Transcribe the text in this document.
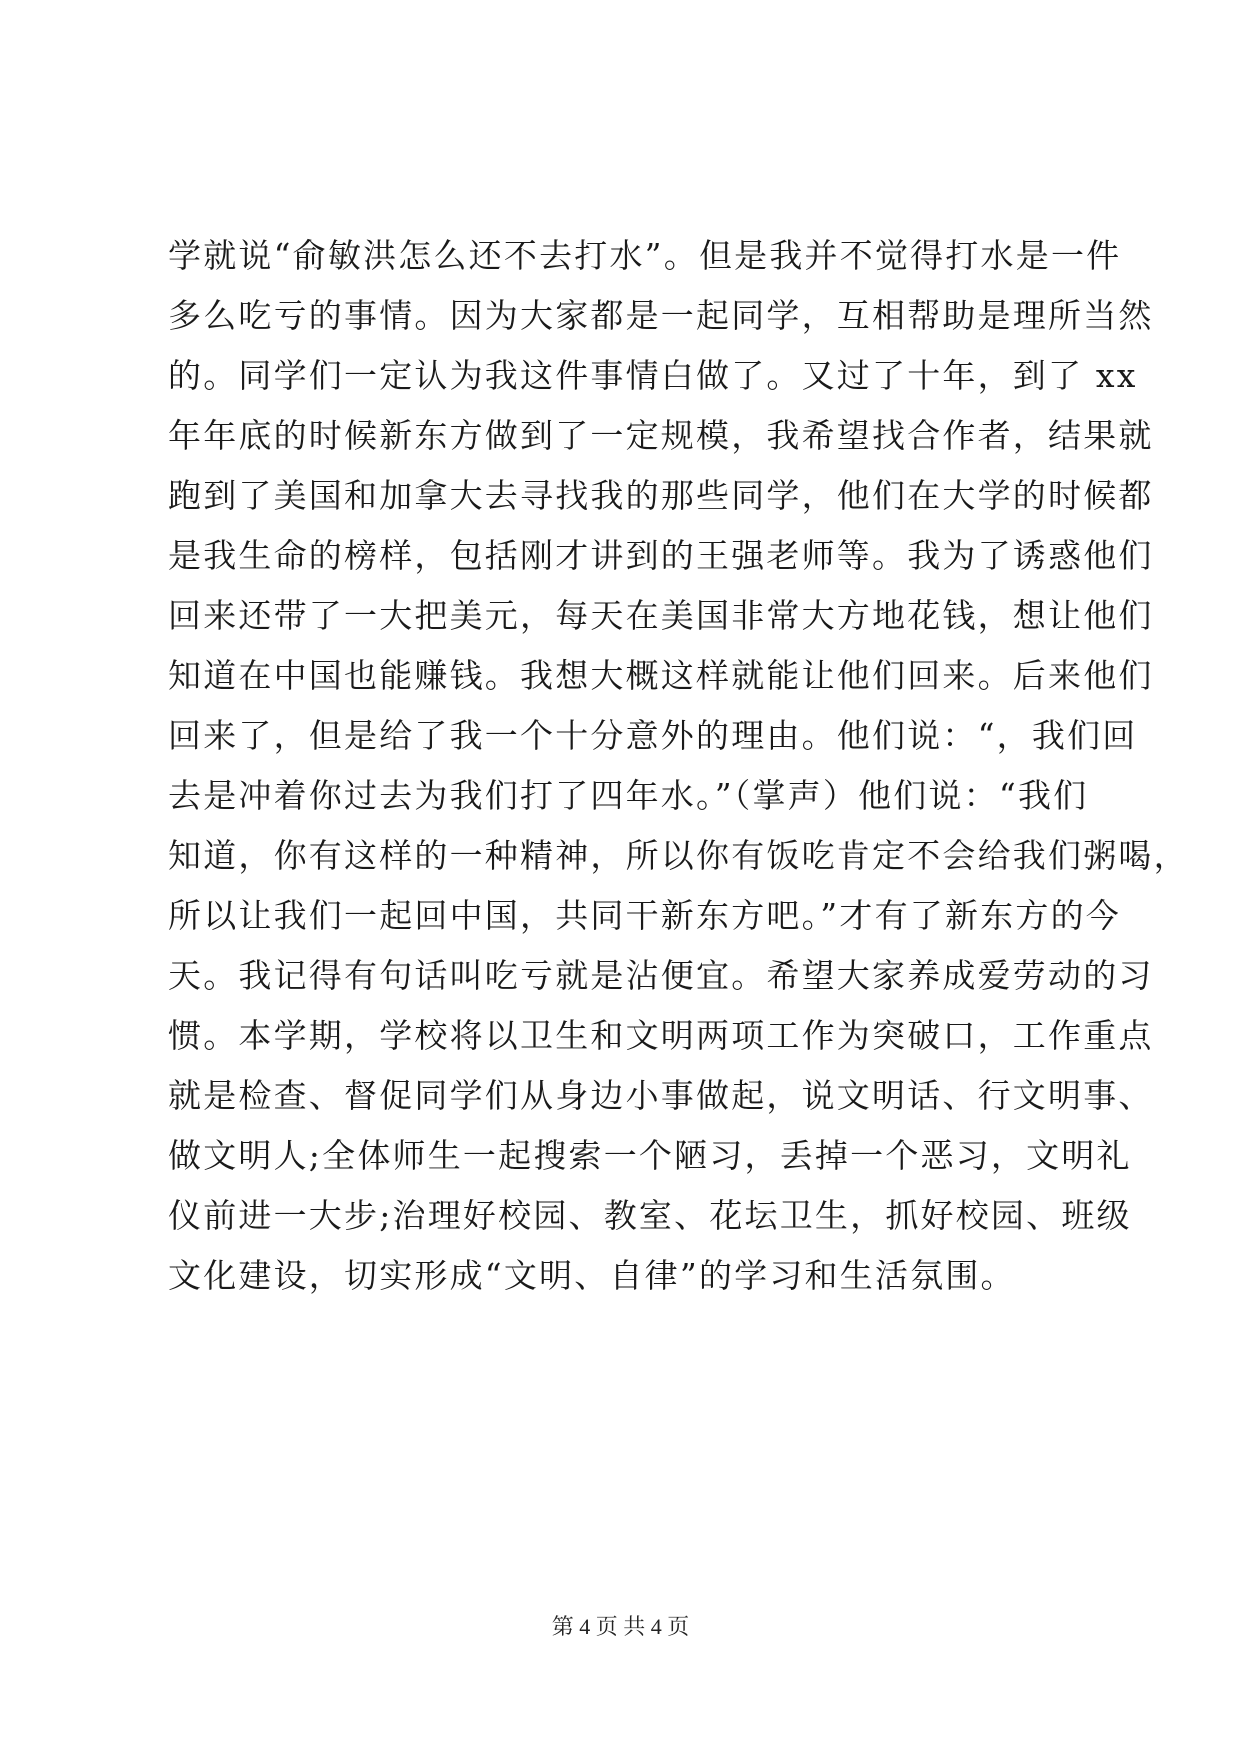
学就说“俞敏洪怎么还不去打水”。但是我并不觉得打水是一件
多么吃亏的事情。因为大家都是一起同学，互相帮助是理所当然
的。同学们一定认为我这件事情白做了。又过了十年，到了 xx
年年底的时候新东方做到了一定规模，我希望找合作者，结果就
跑到了美国和加拿大去寻找我的那些同学，他们在大学的时候都
是我生命的榜样，包括刚才讲到的王强老师等。我为了诱惑他们
回来还带了一大把美元，每天在美国非常大方地花钱，想让他们
知道在中国也能赚钱。我想大概这样就能让他们回来。后来他们
回来了，但是给了我一个十分意外的理由。他们说：“，我们回
去是冲着你过去为我们打了四年水。”（掌声）他们说：“我们
知道，你有这样的一种精神，所以你有饭吃肯定不会给我们粥喝，
所以让我们一起回中国，共同干新东方吧。”才有了新东方的今
天。我记得有句话叫吃亏就是沾便宜。希望大家养成爱劳动的习
惯。本学期，学校将以卫生和文明两项工作为突破口，工作重点
就是检查、督促同学们从身边小事做起，说文明话、行文明事、
做文明人;全体师生一起搜索一个陋习，丢掉一个恶习，文明礼
仪前进一大步;治理好校园、教室、花坛卫生，抓好校园、班级
文化建设，切实形成“文明、自律”的学习和生活氛围。
第 4 页 共 4 页
